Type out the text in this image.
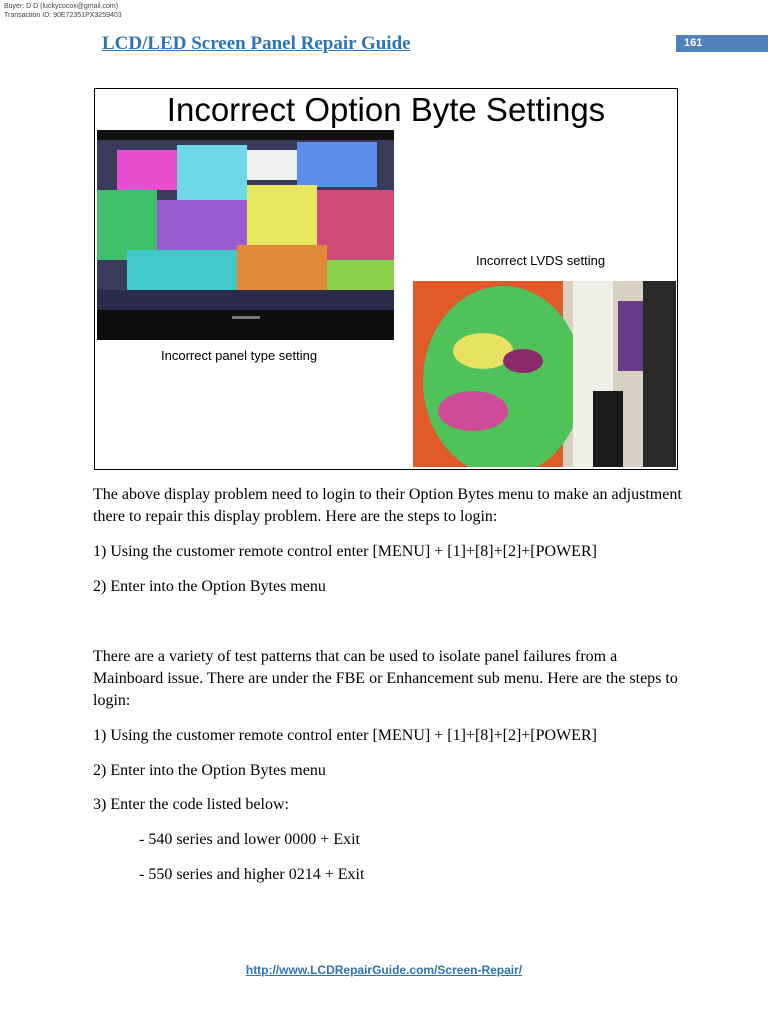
Buyer: D D (luckycocox@gmail.com)
Transaction ID: 90E72351PX3259403
LCD/LED Screen Panel Repair Guide	161
Incorrect Option Byte Settings
Incorrect panel type setting
Incorrect LVDS setting

The above display problem need to login to their Option Bytes menu to make an adjustment there to repair this display problem. Here are the steps to login:

1) Using the customer remote control enter [MENU] + [1]+[8]+[2]+[POWER]
2) Enter into the Option Bytes menu

There are a variety of test patterns that can be used to isolate panel failures from a Mainboard issue. There are under the FBE or Enhancement sub menu. Here are the steps to login:

1) Using the customer remote control enter [MENU] + [1]+[8]+[2]+[POWER]
2) Enter into the Option Bytes menu
3) Enter the code listed below:
- 540 series and lower 0000 + Exit
- 550 series and higher 0214 + Exit
http://www.LCDRepairGuide.com/Screen-Repair/
